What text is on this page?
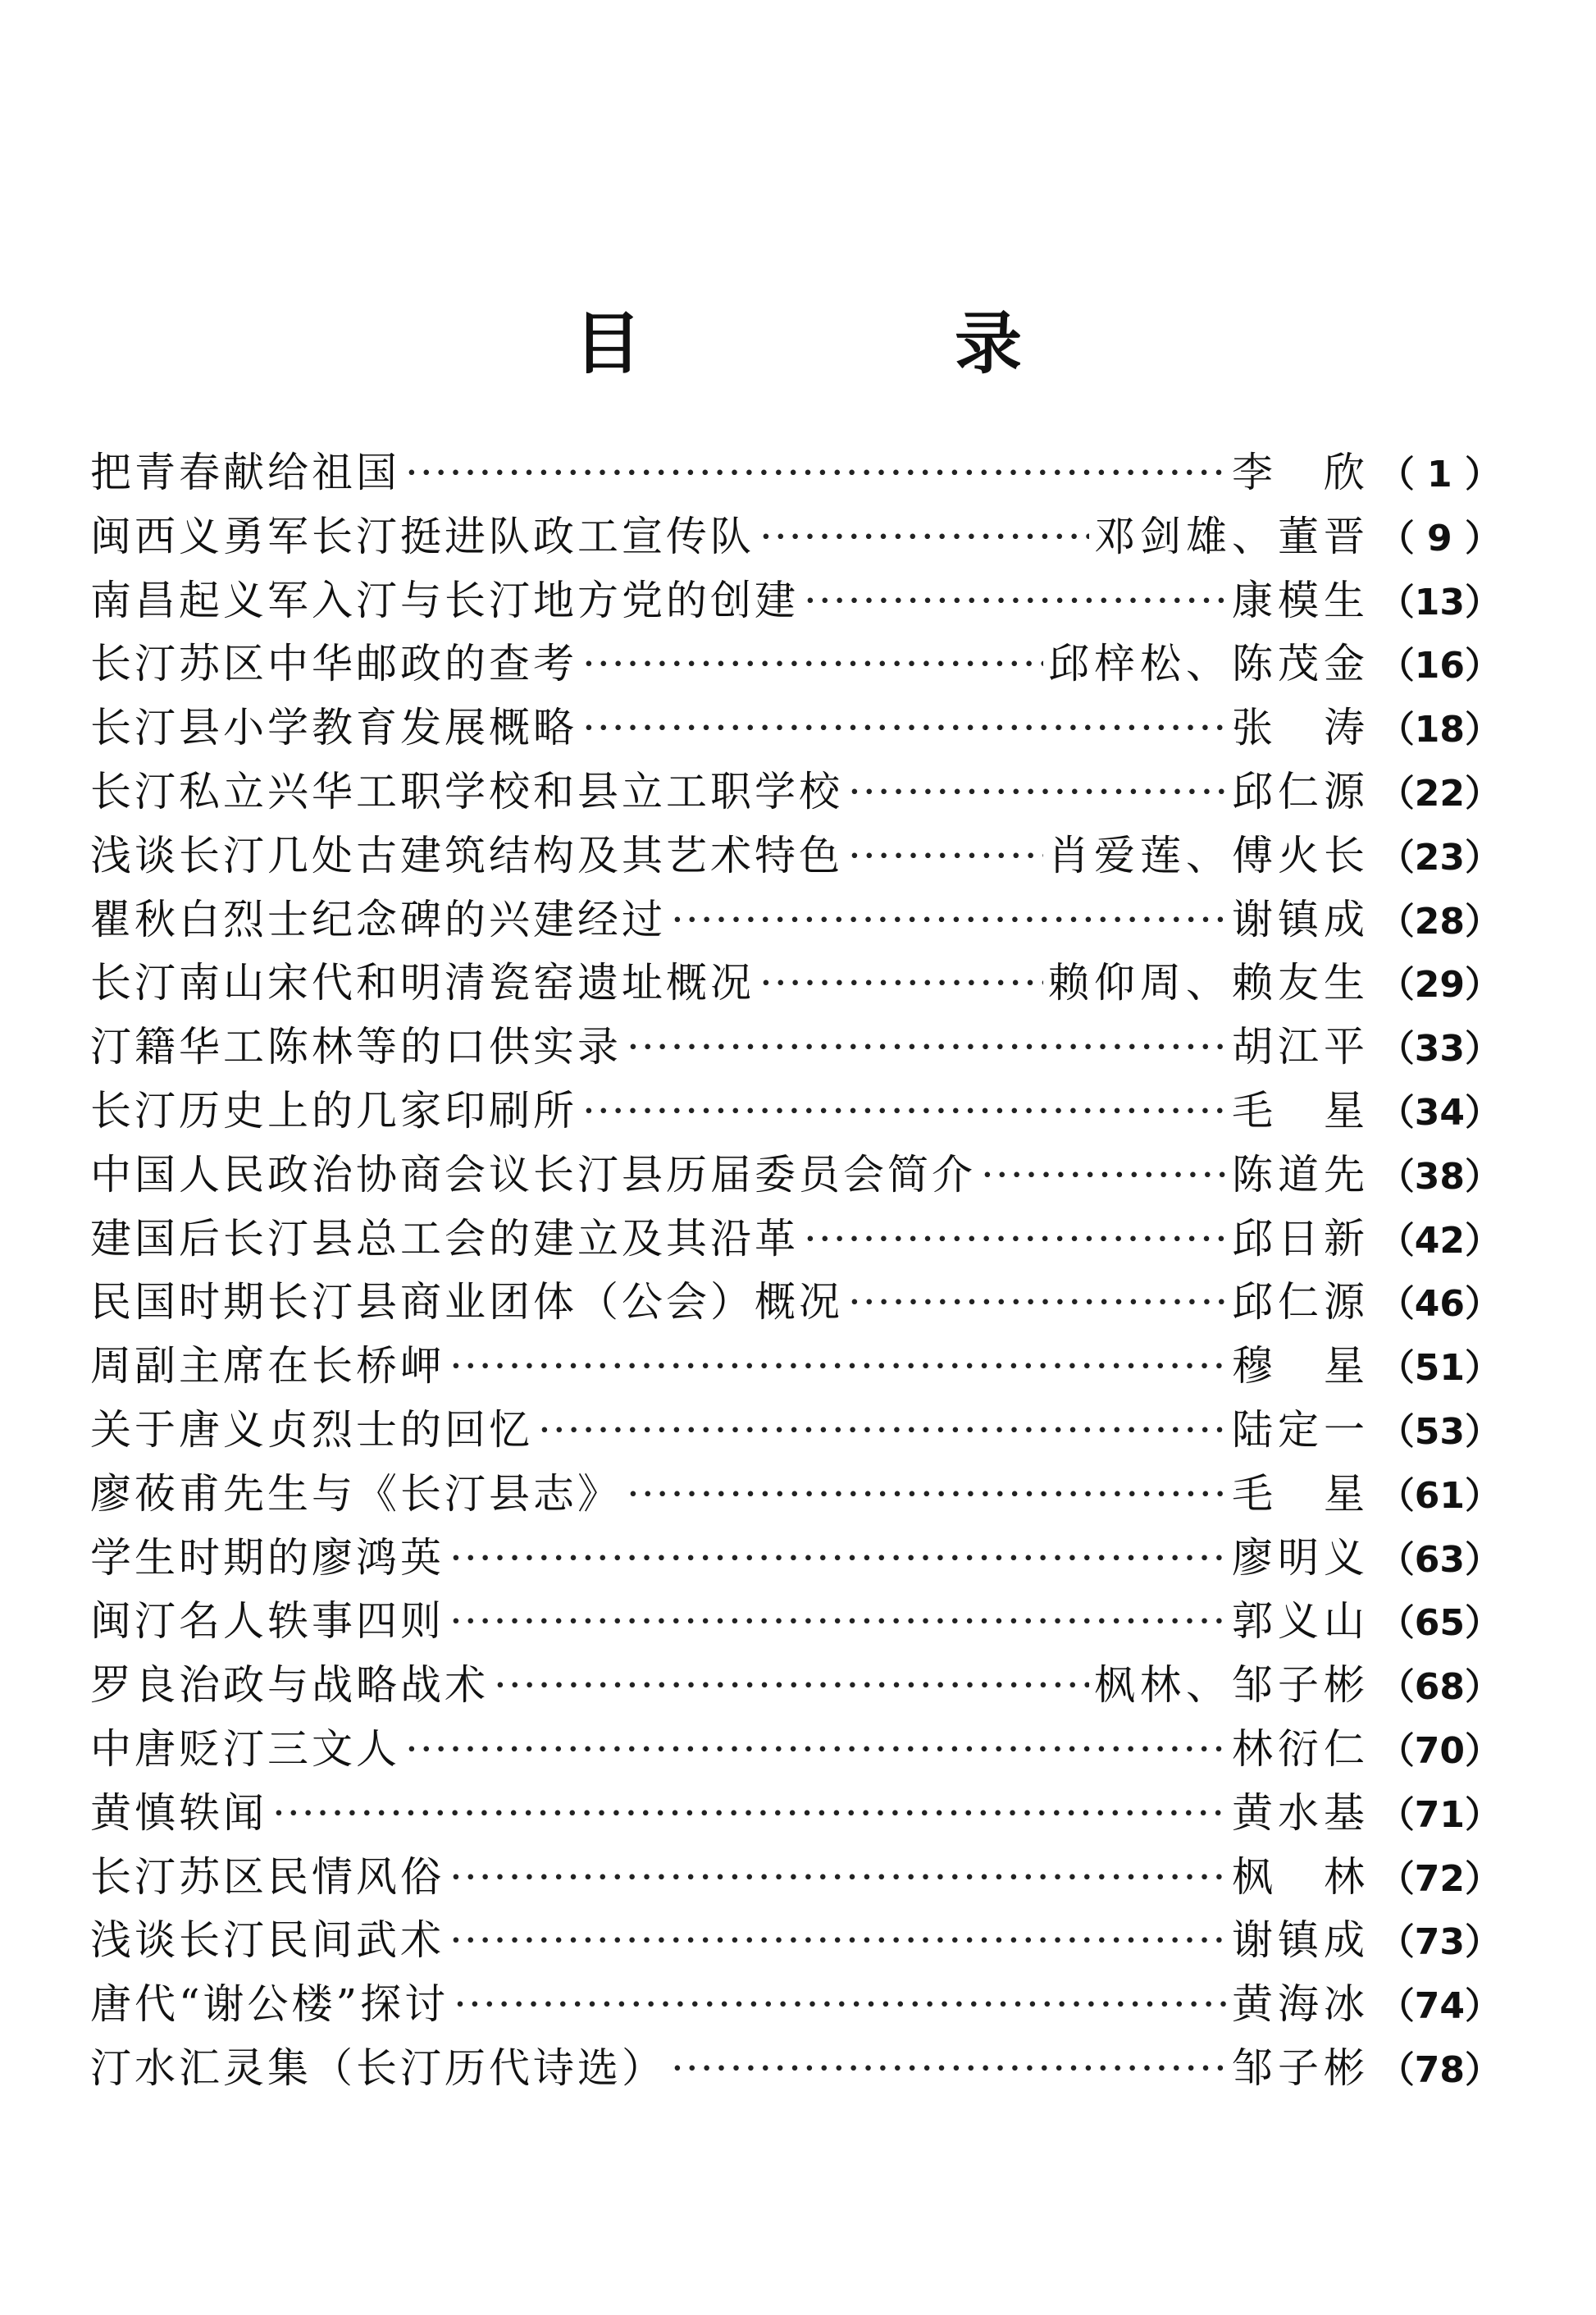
目　录
把青春献给祖国 ·····	李　欣 （ 1 ）
闽西义勇军长汀挺进队政工宣传队 ·····	邓剑雄、董晋 （ 9 ）
南昌起义军入汀与长汀地方党的创建 ·····	康模生 （13）
长汀苏区中华邮政的查考 ·····	邱梓松、陈茂金 （16）
长汀县小学教育发展概略 ·····	张　涛 （18）
长汀私立兴华工职学校和县立工职学校 ·····	邱仁源 （22）
浅谈长汀几处古建筑结构及其艺术特色 ·····	肖爱莲、傅火长 （23）
瞿秋白烈士纪念碑的兴建经过 ·····	谢镇成 （28）
长汀南山宋代和明清瓷窑遗址概况 ·····	赖仰周、赖友生 （29）
汀籍华工陈林等的口供实录 ·····	胡江平 （33）
长汀历史上的几家印刷所 ·····	毛　星 （34）
中国人民政治协商会议长汀县历届委员会简介 ·····	陈道先 （38）
建国后长汀县总工会的建立及其沿革 ·····	邱日新 （42）
民国时期长汀县商业团体（公会）概况 ·····	邱仁源 （46）
周副主席在长桥岬 ·····	穆　星 （51）
关于唐义贞烈士的回忆 ·····	陆定一 （53）
廖莜甫先生与《长汀县志》 ·····	毛　星 （61）
学生时期的廖鸿英 ·····	廖明义 （63）
闽汀名人轶事四则 ·····	郭义山 （65）
罗良治政与战略战术 ·····	枫林、邹子彬 （68）
中唐贬汀三文人 ·····	林衍仁 （70）
黄慎轶闻 ·····	黄水基 （71）
长汀苏区民情风俗 ·····	枫　林 （72）
浅谈长汀民间武术 ·····	谢镇成 （73）
唐代“谢公楼”探讨 ·····	黄海冰 （74）
汀水汇灵集（长汀历代诗选） ·····	邹子彬 （78）
